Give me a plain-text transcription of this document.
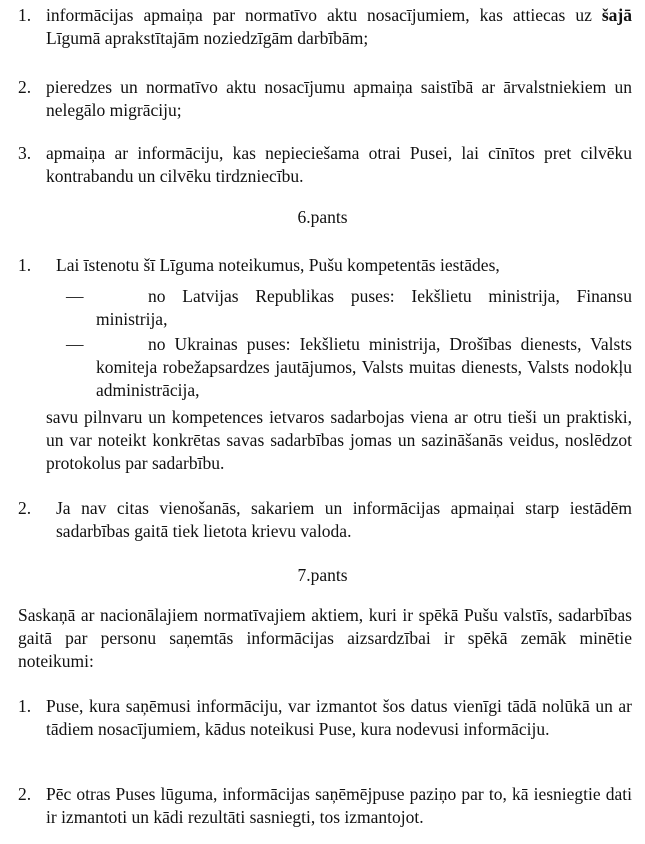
1. informācijas apmaiņa par normatīvo aktu nosacījumiem, kas attiecas uz šajā Līgumā aprakstītajām noziedzīgām darbībām;
2. pieredzes un normatīvo aktu nosacījumu apmaiņa saistībā ar ārvalstniekiem un nelegālo migrāciju;
3. apmaiņa ar informāciju, kas nepieciešama otrai Pusei, lai cīnītos pret cilvēku kontrabandu un cilvēku tirdzniecību.
6.pants
1.	Lai īstenotu šī Līguma noteikumus, Pušu kompetentās iestādes,
—	no Latvijas Republikas puses: Iekšlietu ministrija, Finansu ministrija,
—	no Ukrainas puses: Iekšlietu ministrija, Drošības dienests, Valsts komiteja robežapsardzes jautājumos, Valsts muitas dienests, Valsts nodokļu administrācija,
savu pilnvaru un kompetences ietvaros sadarbojas viena ar otru tieši un praktiski, un var noteikt konkrētas savas sadarbības jomas un sazināšanās veidus, noslēdzot protokolus par sadarbību.
2.	Ja nav citas vienošanās, sakariem un informācijas apmaiņai starp iestādēm sadarbības gaitā tiek lietota krievu valoda.
7.pants
Saskaņā ar nacionālajiem normatīvajiem aktiem, kuri ir spēkā Pušu valstīs, sadarbības gaitā par personu saņemtās informācijas aizsardzībai ir spēkā zemāk minētie noteikumi:
1. Puse, kura saņēmusi informāciju, var izmantot šos datus vienīgi tādā nolūkā un ar tādiem nosacījumiem, kādus noteikusi Puse, kura nodevusi informāciju.
2. Pēc otras Puses lūguma, informācijas saņēmējpuse paziņo par to, kā iesniegtie dati ir izmantoti un kādi rezultāti sasniegti, tos izmantojot.
